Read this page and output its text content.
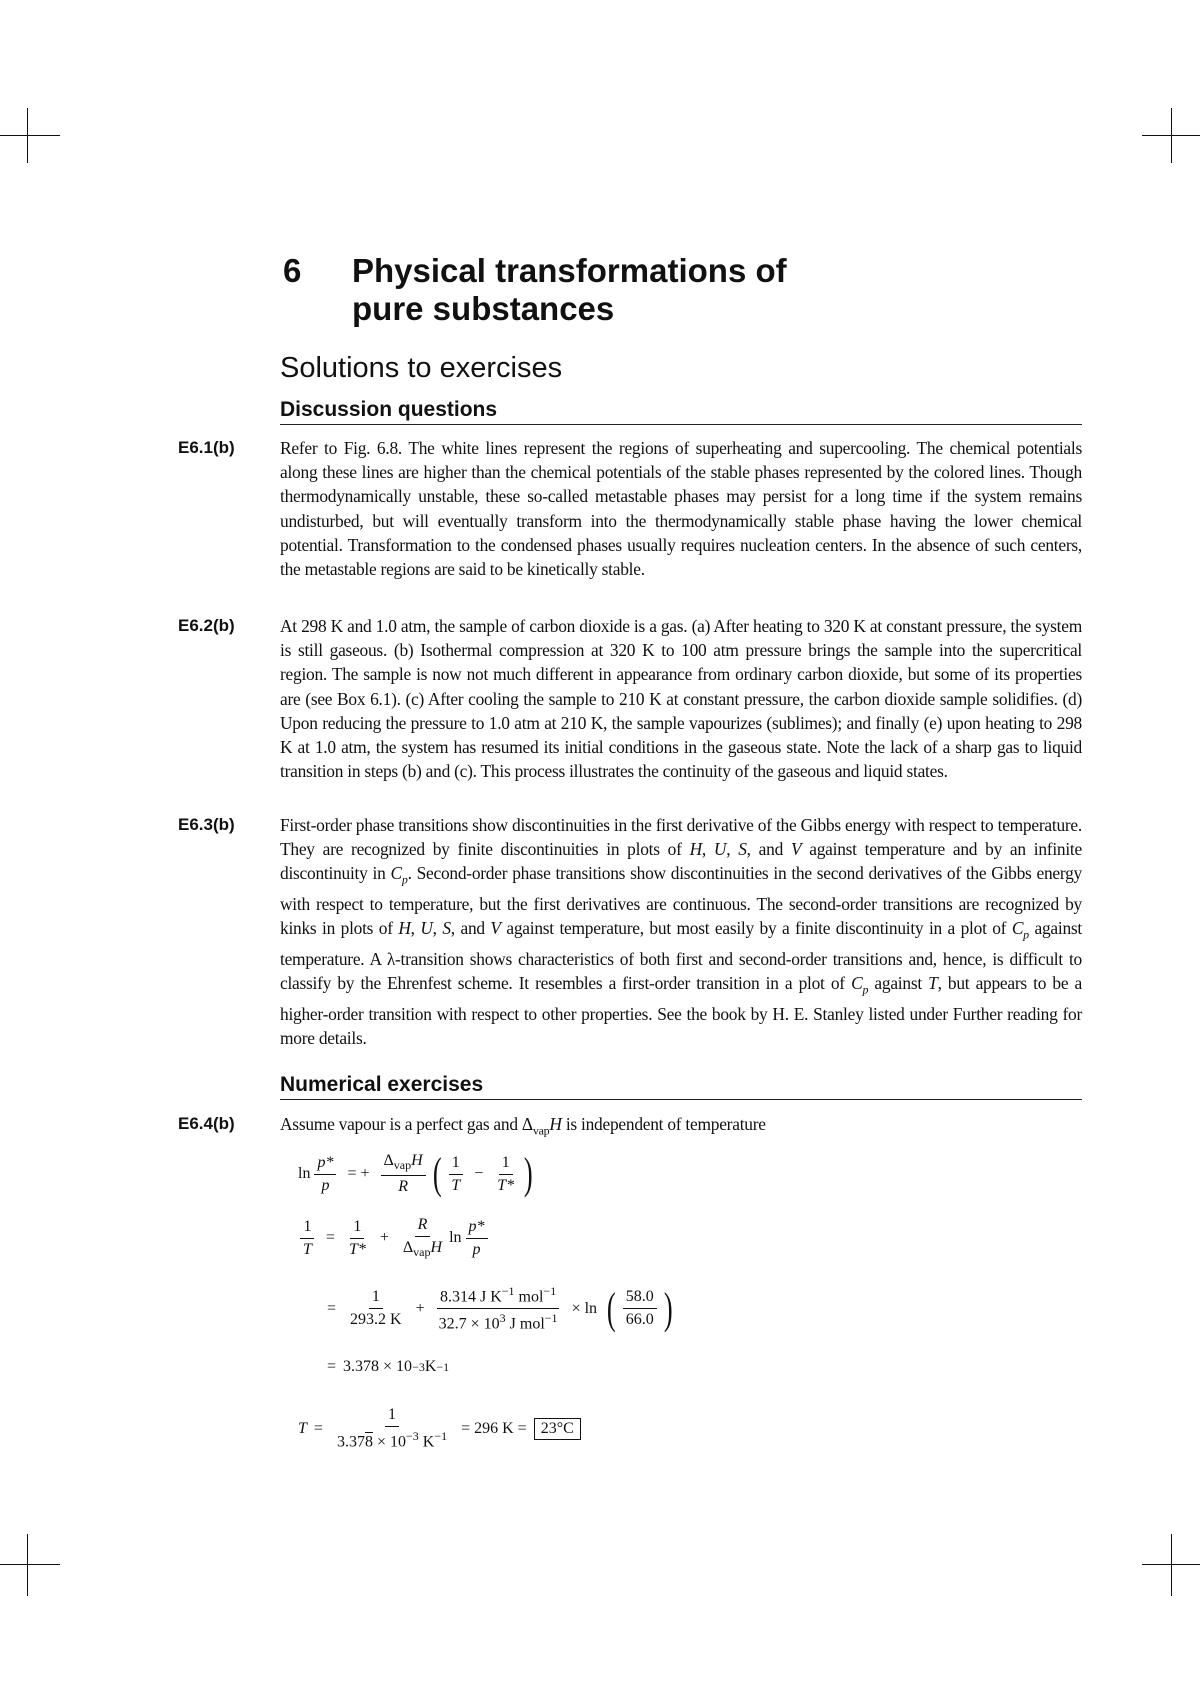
6	Physical transformations of
pure substances
Solutions to exercises
Discussion questions
E6.1(b)	Refer to Fig. 6.8. The white lines represent the regions of superheating and supercooling. The chemical potentials along these lines are higher than the chemical potentials of the stable phases represented by the colored lines. Though thermodynamically unstable, these so-called metastable phases may persist for a long time if the system remains undisturbed, but will eventually transform into the thermodynamically stable phase having the lower chemical potential. Transformation to the condensed phases usually requires nucleation centers. In the absence of such centers, the metastable regions are said to be kinetically stable.
E6.2(b)	At 298 K and 1.0 atm, the sample of carbon dioxide is a gas. (a) After heating to 320 K at constant pressure, the system is still gaseous. (b) Isothermal compression at 320 K to 100 atm pressure brings the sample into the supercritical region. The sample is now not much different in appearance from ordinary carbon dioxide, but some of its properties are (see Box 6.1). (c) After cooling the sample to 210 K at constant pressure, the carbon dioxide sample solidifies. (d) Upon reducing the pressure to 1.0 atm at 210 K, the sample vapourizes (sublimes); and finally (e) upon heating to 298 K at 1.0 atm, the system has resumed its initial conditions in the gaseous state. Note the lack of a sharp gas to liquid transition in steps (b) and (c). This process illustrates the continuity of the gaseous and liquid states.
E6.3(b)	First-order phase transitions show discontinuities in the first derivative of the Gibbs energy with respect to temperature. They are recognized by finite discontinuities in plots of H, U, S, and V against temperature and by an infinite discontinuity in $C_p$. Second-order phase transitions show discontinuities in the second derivatives of the Gibbs energy with respect to temperature, but the first derivatives are continuous. The second-order transitions are recognized by kinks in plots of H, U, S, and V against temperature, but most easily by a finite discontinuity in a plot of $C_p$ against temperature. A λ-transition shows characteristics of both first and second-order transitions and, hence, is difficult to classify by the Ehrenfest scheme. It resembles a first-order transition in a plot of $C_p$ against T, but appears to be a higher-order transition with respect to other properties. See the book by H. E. Stanley listed under Further reading for more details.
Numerical exercises
E6.4(b)	Assume vapour is a perfect gas and $\Delta_{vap}H$ is independent of temperature
$\ln \frac{p*}{p}$ = + $\frac{\Delta_{vap}H}{R}$ ( $\frac{1}{T} - \frac{1}{T*}$ )
$\frac{1}{T} = \frac{1}{T*} + \frac{R}{\Delta_{vap}H}$ $\ln \frac{p*}{p}$
= $\frac{1}{293.2 K} + \frac{8.314 J K^{-1} mol^{-1}}{32.7 \times 10^3 J mol^{-1}} \times \ln$ ( $\frac{58.0}{66.0}$ )
= 3.378 × 10 −3 K −1
$T = \frac{1}{3.378 \times 10^{-3} K^{-1}} = 296$ K = 23°C
